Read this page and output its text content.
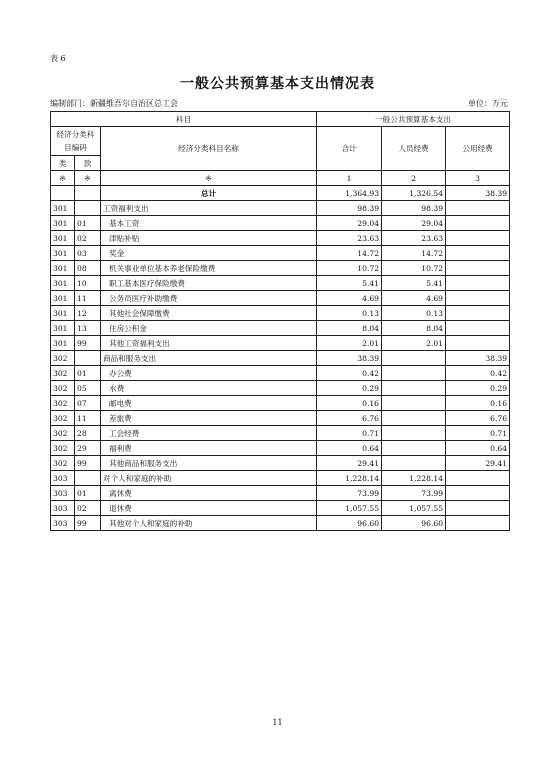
表 6
一般公共预算基本支出情况表
编制部门：新疆维吾尔自治区总工会	单位：万元
科目			一般公共预算基本支出		
经济分类科目编码		经济分类科目名称	合计	人员经费	公用经费
类	款				
※	※	※	1	2	3
		总计	1,364.93	1,326.54	38.39
301		工资福利支出	98.39	98.39	
301	01	基本工资	29.04	29.04	
301	02	津贴补贴	23.63	23.63	
301	03	奖金	14.72	14.72	
301	08	机关事业单位基本养老保险缴费	10.72	10.72	
301	10	职工基本医疗保险缴费	5.41	5.41	
301	11	公务员医疗补助缴费	4.69	4.69	
301	12	其他社会保障缴费	0.13	0.13	
301	13	住房公积金	8.04	8.04	
301	99	其他工资福利支出	2.01	2.01	
302		商品和服务支出	38.39		38.39
302	01	办公费	0.42		0.42
302	05	水费	0.29		0.29
302	07	邮电费	0.16		0.16
302	11	差旅费	6.76		6.76
302	28	工会经费	0.71		0.71
302	29	福利费	0.64		0.64
302	99	其他商品和服务支出	29.41		29.41
303		对个人和家庭的补助	1,228.14	1,228.14	
303	01	离休费	73.99	73.99	
303	02	退休费	1,057.55	1,057.55	
303	99	其他对个人和家庭的补助	96.60	96.60	
11
